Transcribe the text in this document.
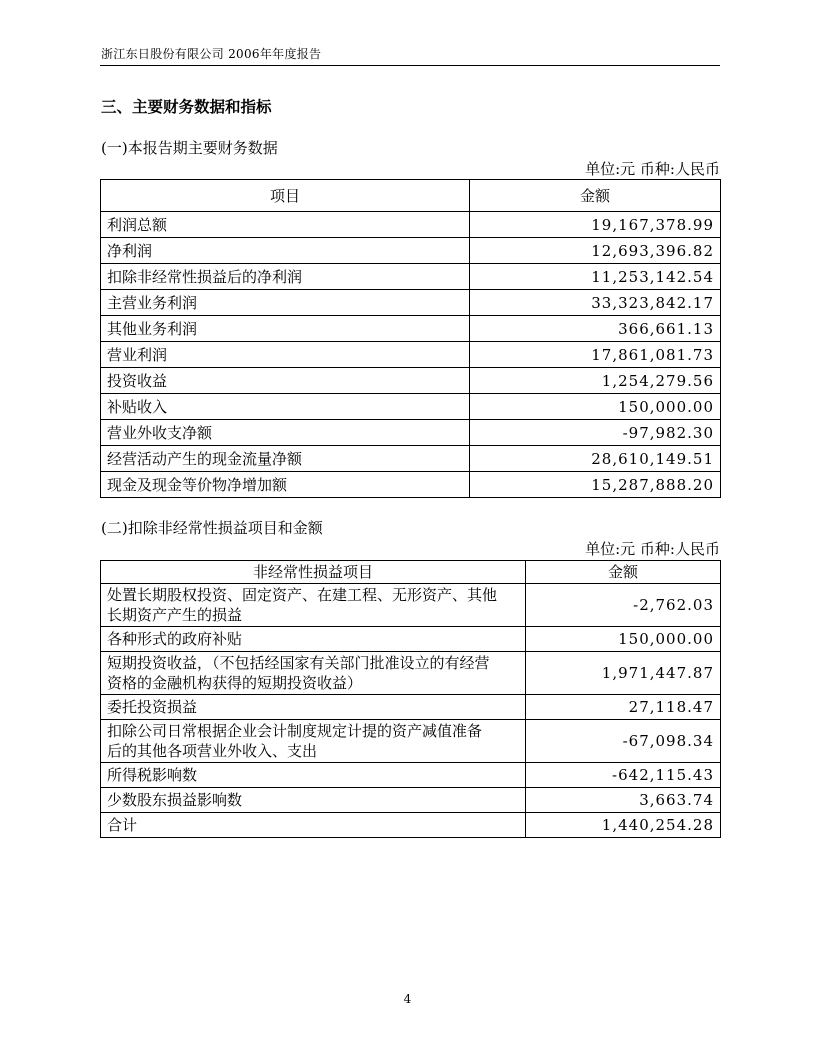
浙江东日股份有限公司 2006年年度报告
三、主要财务数据和指标
(一)本报告期主要财务数据
单位:元 币种:人民币
项目	金额
利润总额	19,167,378.99
净利润	12,693,396.82
扣除非经常性损益后的净利润	11,253,142.54
主营业务利润	33,323,842.17
其他业务利润	366,661.13
营业利润	17,861,081.73
投资收益	1,254,279.56
补贴收入	150,000.00
营业外收支净额	-97,982.30
经营活动产生的现金流量净额	28,610,149.51
现金及现金等价物净增加额	15,287,888.20
(二)扣除非经常性损益项目和金额
单位:元 币种:人民币
非经常性损益项目	金额

处置长期股权投资、固定资产、在建工程、无形资产、其他
长期资产产生的损益	-2,762.03
各种形式的政府补贴	150,000.00

短期投资收益，（不包括经国家有关部门批准设立的有经营
资格的金融机构获得的短期投资收益）	1,971,447.87
委托投资损益	27,118.47

扣除公司日常根据企业会计制度规定计提的资产减值准备
后的其他各项营业外收入、支出	-67,098.34
所得税影响数	-642,115.43
少数股东损益影响数	3,663.74
合计	1,440,254.28
4
